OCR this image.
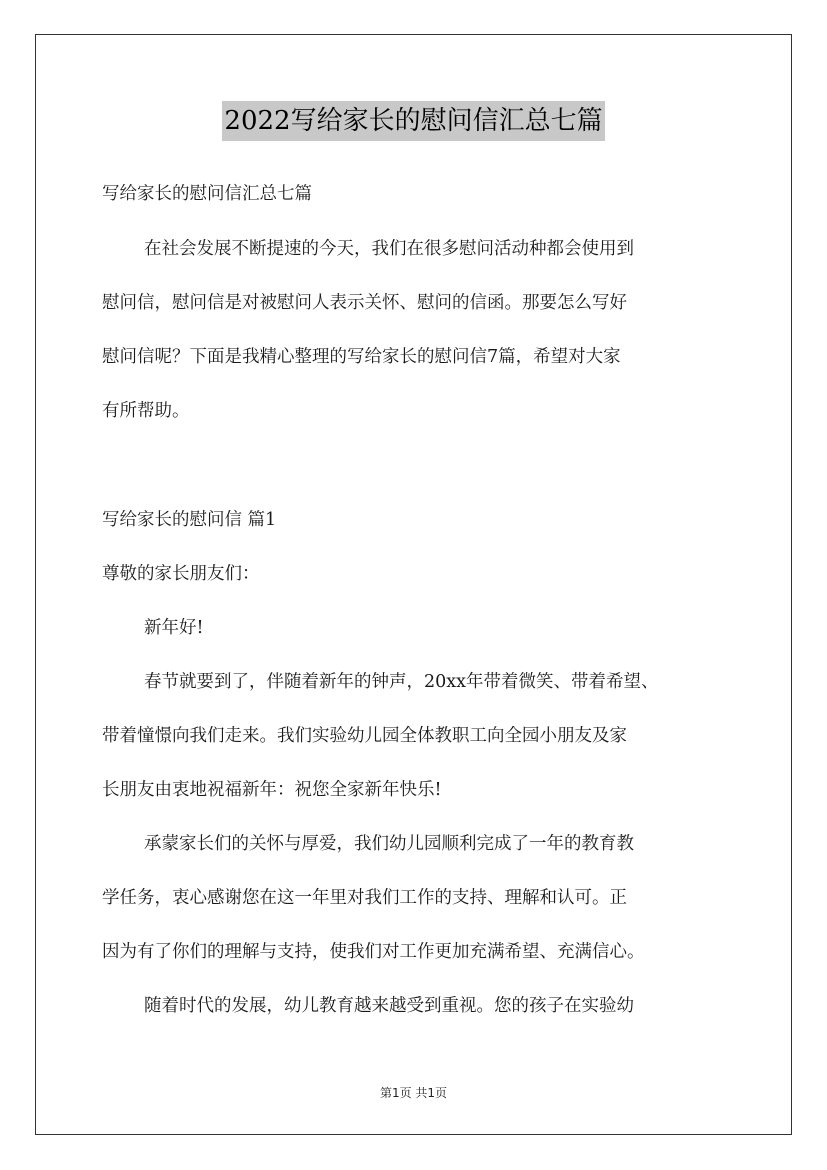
2022写给家长的慰问信汇总七篇
写给家长的慰问信汇总七篇
在社会发展不断提速的今天，我们在很多慰问活动种都会使用到
慰问信，慰问信是对被慰问人表示关怀、慰问的信函。那要怎么写好
慰问信呢？下面是我精心整理的写给家长的慰问信7篇，希望对大家
有所帮助。
写给家长的慰问信 篇1
尊敬的家长朋友们：
新年好!
春节就要到了，伴随着新年的钟声，20xx年带着微笑、带着希望、
带着憧憬向我们走来。我们实验幼儿园全体教职工向全园小朋友及家
长朋友由衷地祝福新年：祝您全家新年快乐!
承蒙家长们的关怀与厚爱，我们幼儿园顺利完成了一年的教育教
学任务，衷心感谢您在这一年里对我们工作的支持、理解和认可。正
因为有了你们的理解与支持，使我们对工作更加充满希望、充满信心。
随着时代的发展，幼儿教育越来越受到重视。您的孩子在实验幼
第1页 共1页
